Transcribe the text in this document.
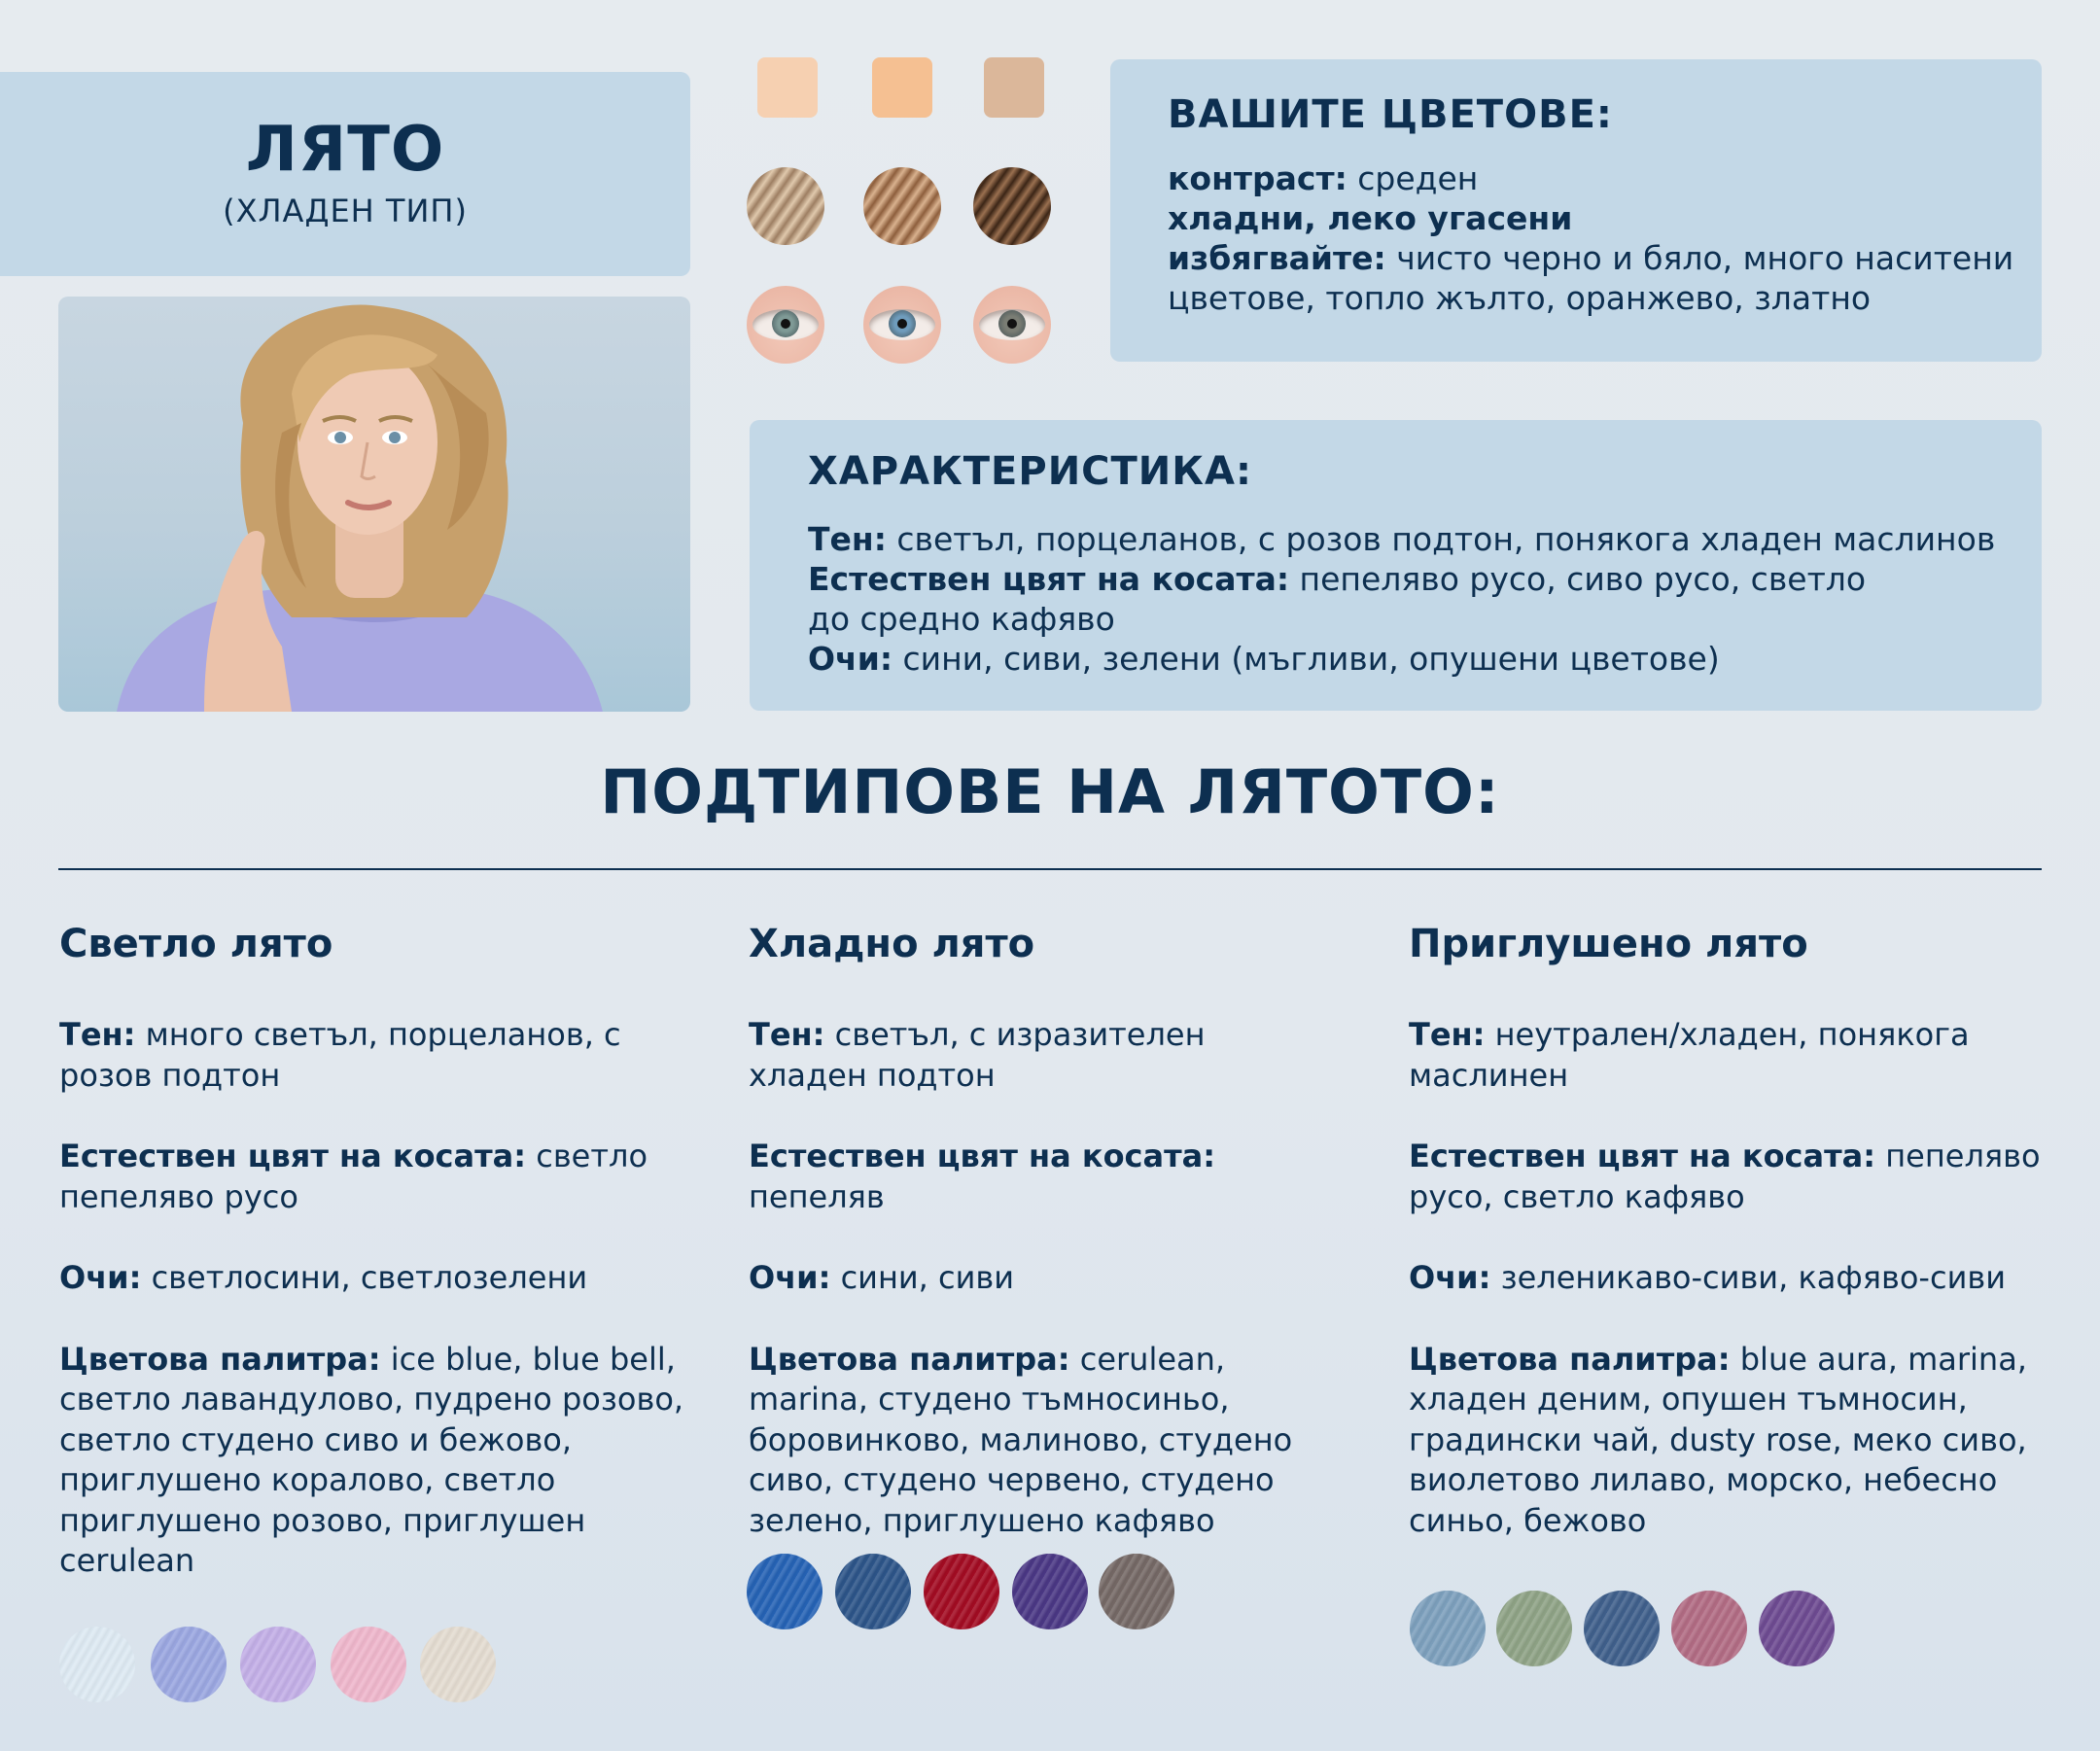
ЛЯТО
(ХЛАДЕН ТИП)
ВАШИТЕ ЦВЕТОВЕ:
контраст: среден
хладни, леко угасени
избягвайте: чисто черно и бяло, много наситени
цветове, топло жълто, оранжево, златно
ХАРАКТЕРИСТИКА:
Тен: светъл, порцеланов, с розов подтон, понякога хладен маслинов
Естествен цвят на косата: пепеляво русо, сиво русо, светло
до средно кафяво
Очи: сини, сиви, зелени (мъгливи, опушени цветове)
ПОДТИПОВЕ НА ЛЯТОТО:
Светло лято
Тен: много светъл, порцеланов, с розов подтон
Естествен цвят на косата: светло пепеляво русо
Очи: светлосини, светлозелени
Цветова палитра: ice blue, blue bell, светло лавандулово, пудрено розово, светло студено сиво и бежово, приглушено коралово, светло приглушено розово, приглушен cerulean
Хладно лято
Тен: светъл, с изразителен хладен подтон
Естествен цвят на косата: пепеляв
Очи: сини, сиви
Цветова палитра: cerulean, marina, студено тъмносиньо, боровинково, малиново, студено сиво, студено червено, студено зелено, приглушено кафяво
Приглушено лято
Тен: неутрален/хладен, понякога маслинен
Естествен цвят на косата: пепеляво русо, светло кафяво
Очи: зеленикаво-сиви, кафяво-сиви
Цветова палитра: blue aura, marina, хладен деним, опушен тъмносин, градински чай, dusty rose, меко сиво, виолетово лилаво, морско, небесно синьо, бежово
